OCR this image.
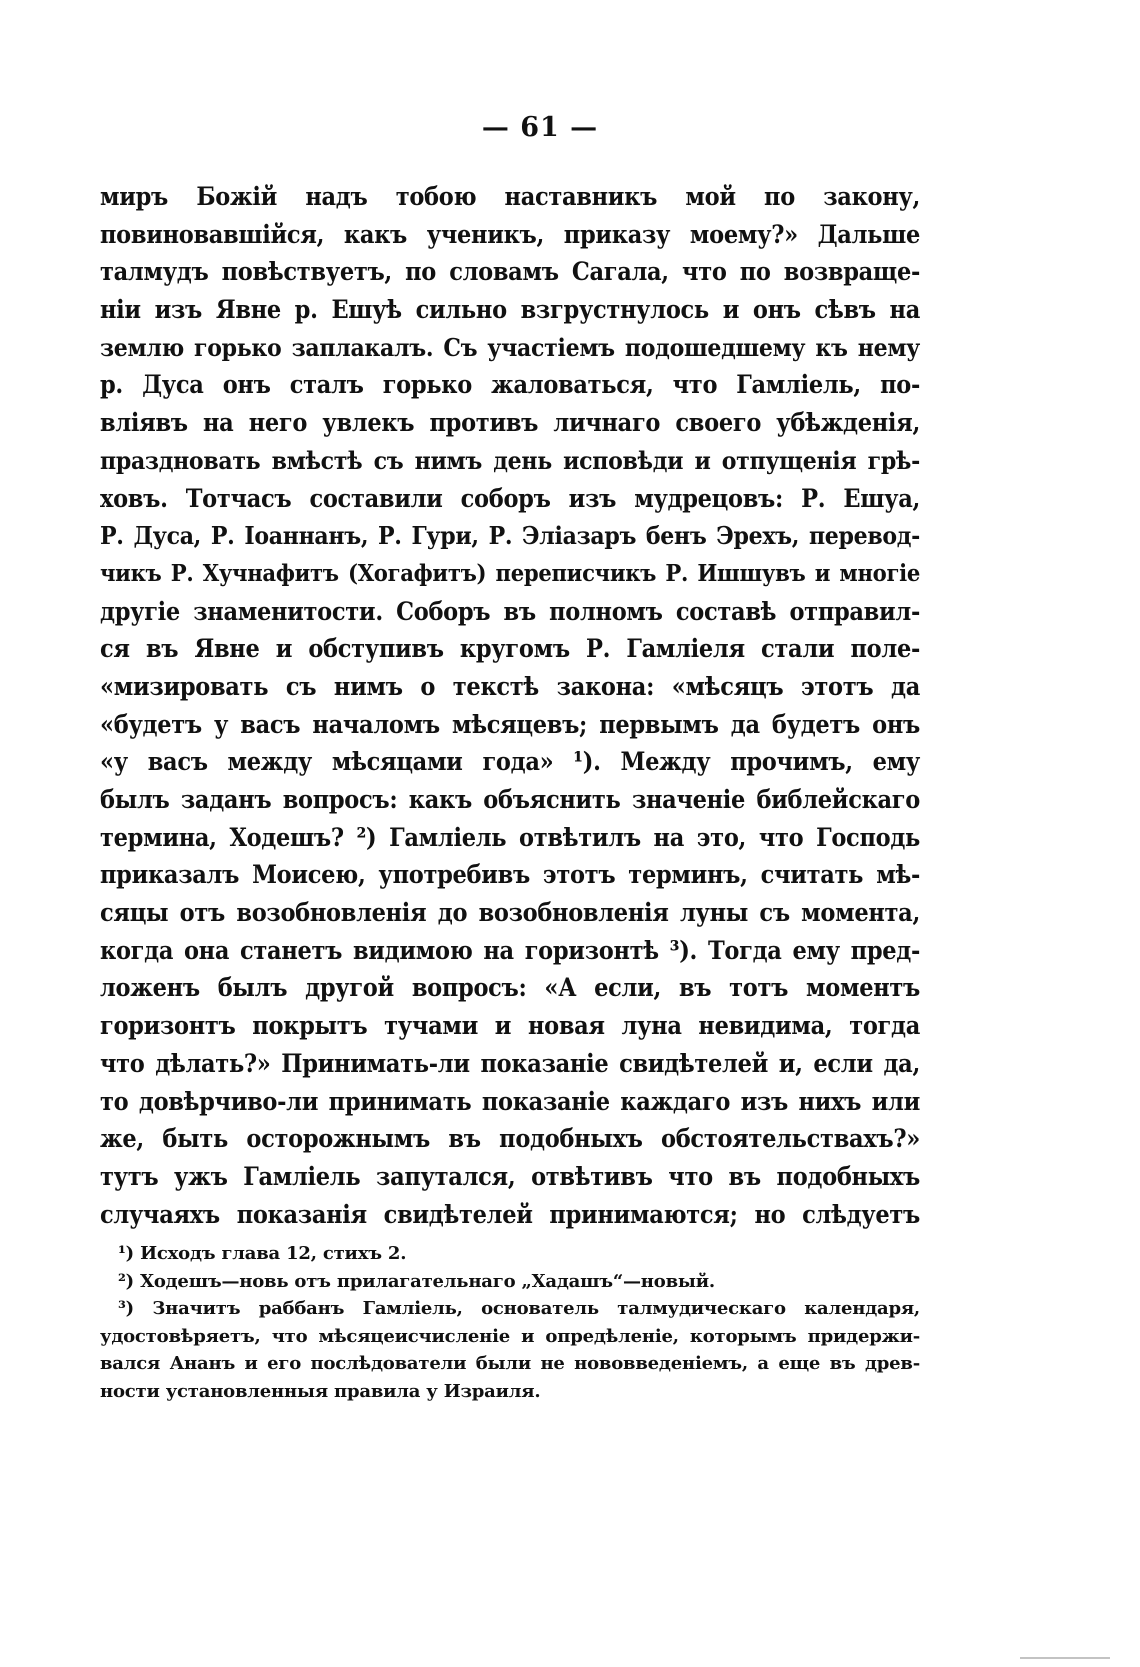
— 61 —
миръ Божій надъ тобою наставникъ мой по закону,
повиновавшійся, какъ ученикъ, приказу моему?» Дальше
талмудъ повѣствуетъ, по словамъ Сагала, что по возвраще-
ніи изъ Явне р. Ешуѣ сильно взгрустнулось и онъ сѣвъ на
землю горько заплакалъ. Съ участіемъ подошедшему къ нему
р. Дуса онъ сталъ горько жаловаться, что Гамліель, по-
вліявъ на него увлекъ противъ личнаго своего убѣжденія,
праздновать вмѣстѣ съ нимъ день исповѣди и отпущенія грѣ-
ховъ. Тотчасъ составили соборъ изъ мудрецовъ: Р. Ешуа,
Р. Дуса, Р. Іоаннанъ, Р. Гури, Р. Эліазаръ бенъ Эрехъ, перевод-
чикъ Р. Хучнафитъ (Хогафитъ) переписчикъ Р. Ишшувъ и многіе
другіе знаменитости. Соборъ въ полномъ составѣ отправил-
ся въ Явне и обступивъ кругомъ Р. Гамліеля стали поле-
«мизировать съ нимъ о текстѣ закона: «мѣсяцъ этотъ да
«будетъ у васъ началомъ мѣсяцевъ; первымъ да будетъ онъ
«у васъ между мѣсяцами года» ¹). Между прочимъ, ему
былъ заданъ вопросъ: какъ объяснить значеніе библейскаго
термина, Ходешъ? ²) Гамліель отвѣтилъ на это, что Господь
приказалъ Моисею, употребивъ этотъ терминъ, считать мѣ-
сяцы отъ возобновленія до возобновленія луны съ момента,
когда она станетъ видимою на горизонтѣ ³). Тогда ему пред-
ложенъ былъ другой вопросъ: «А если, въ тотъ моментъ
горизонтъ покрытъ тучами и новая луна невидима, тогда
что дѣлать?» Принимать-ли показаніе свидѣтелей и, если да,
то довѣрчиво-ли принимать показаніе каждаго изъ нихъ или
же, быть осторожнымъ въ подобныхъ обстоятельствахъ?»
тутъ ужъ Гамліель запутался, отвѣтивъ что въ подобныхъ
случаяхъ показанія свидѣтелей принимаются; но слѣдуетъ
¹) Исходъ глава 12, стихъ 2.
²) Ходешъ—новь отъ прилагательнаго „Хадашъ“—новый.
³) Значитъ раббанъ Гамліель, основатель талмудическаго календаря,
удостовѣряетъ, что мѣсяцеисчисленіе и опредѣленіе, которымъ придержи-
вался Ананъ и его послѣдователи были не нововведеніемъ, а еще въ древ-
ности установленныя правила у Израиля.
